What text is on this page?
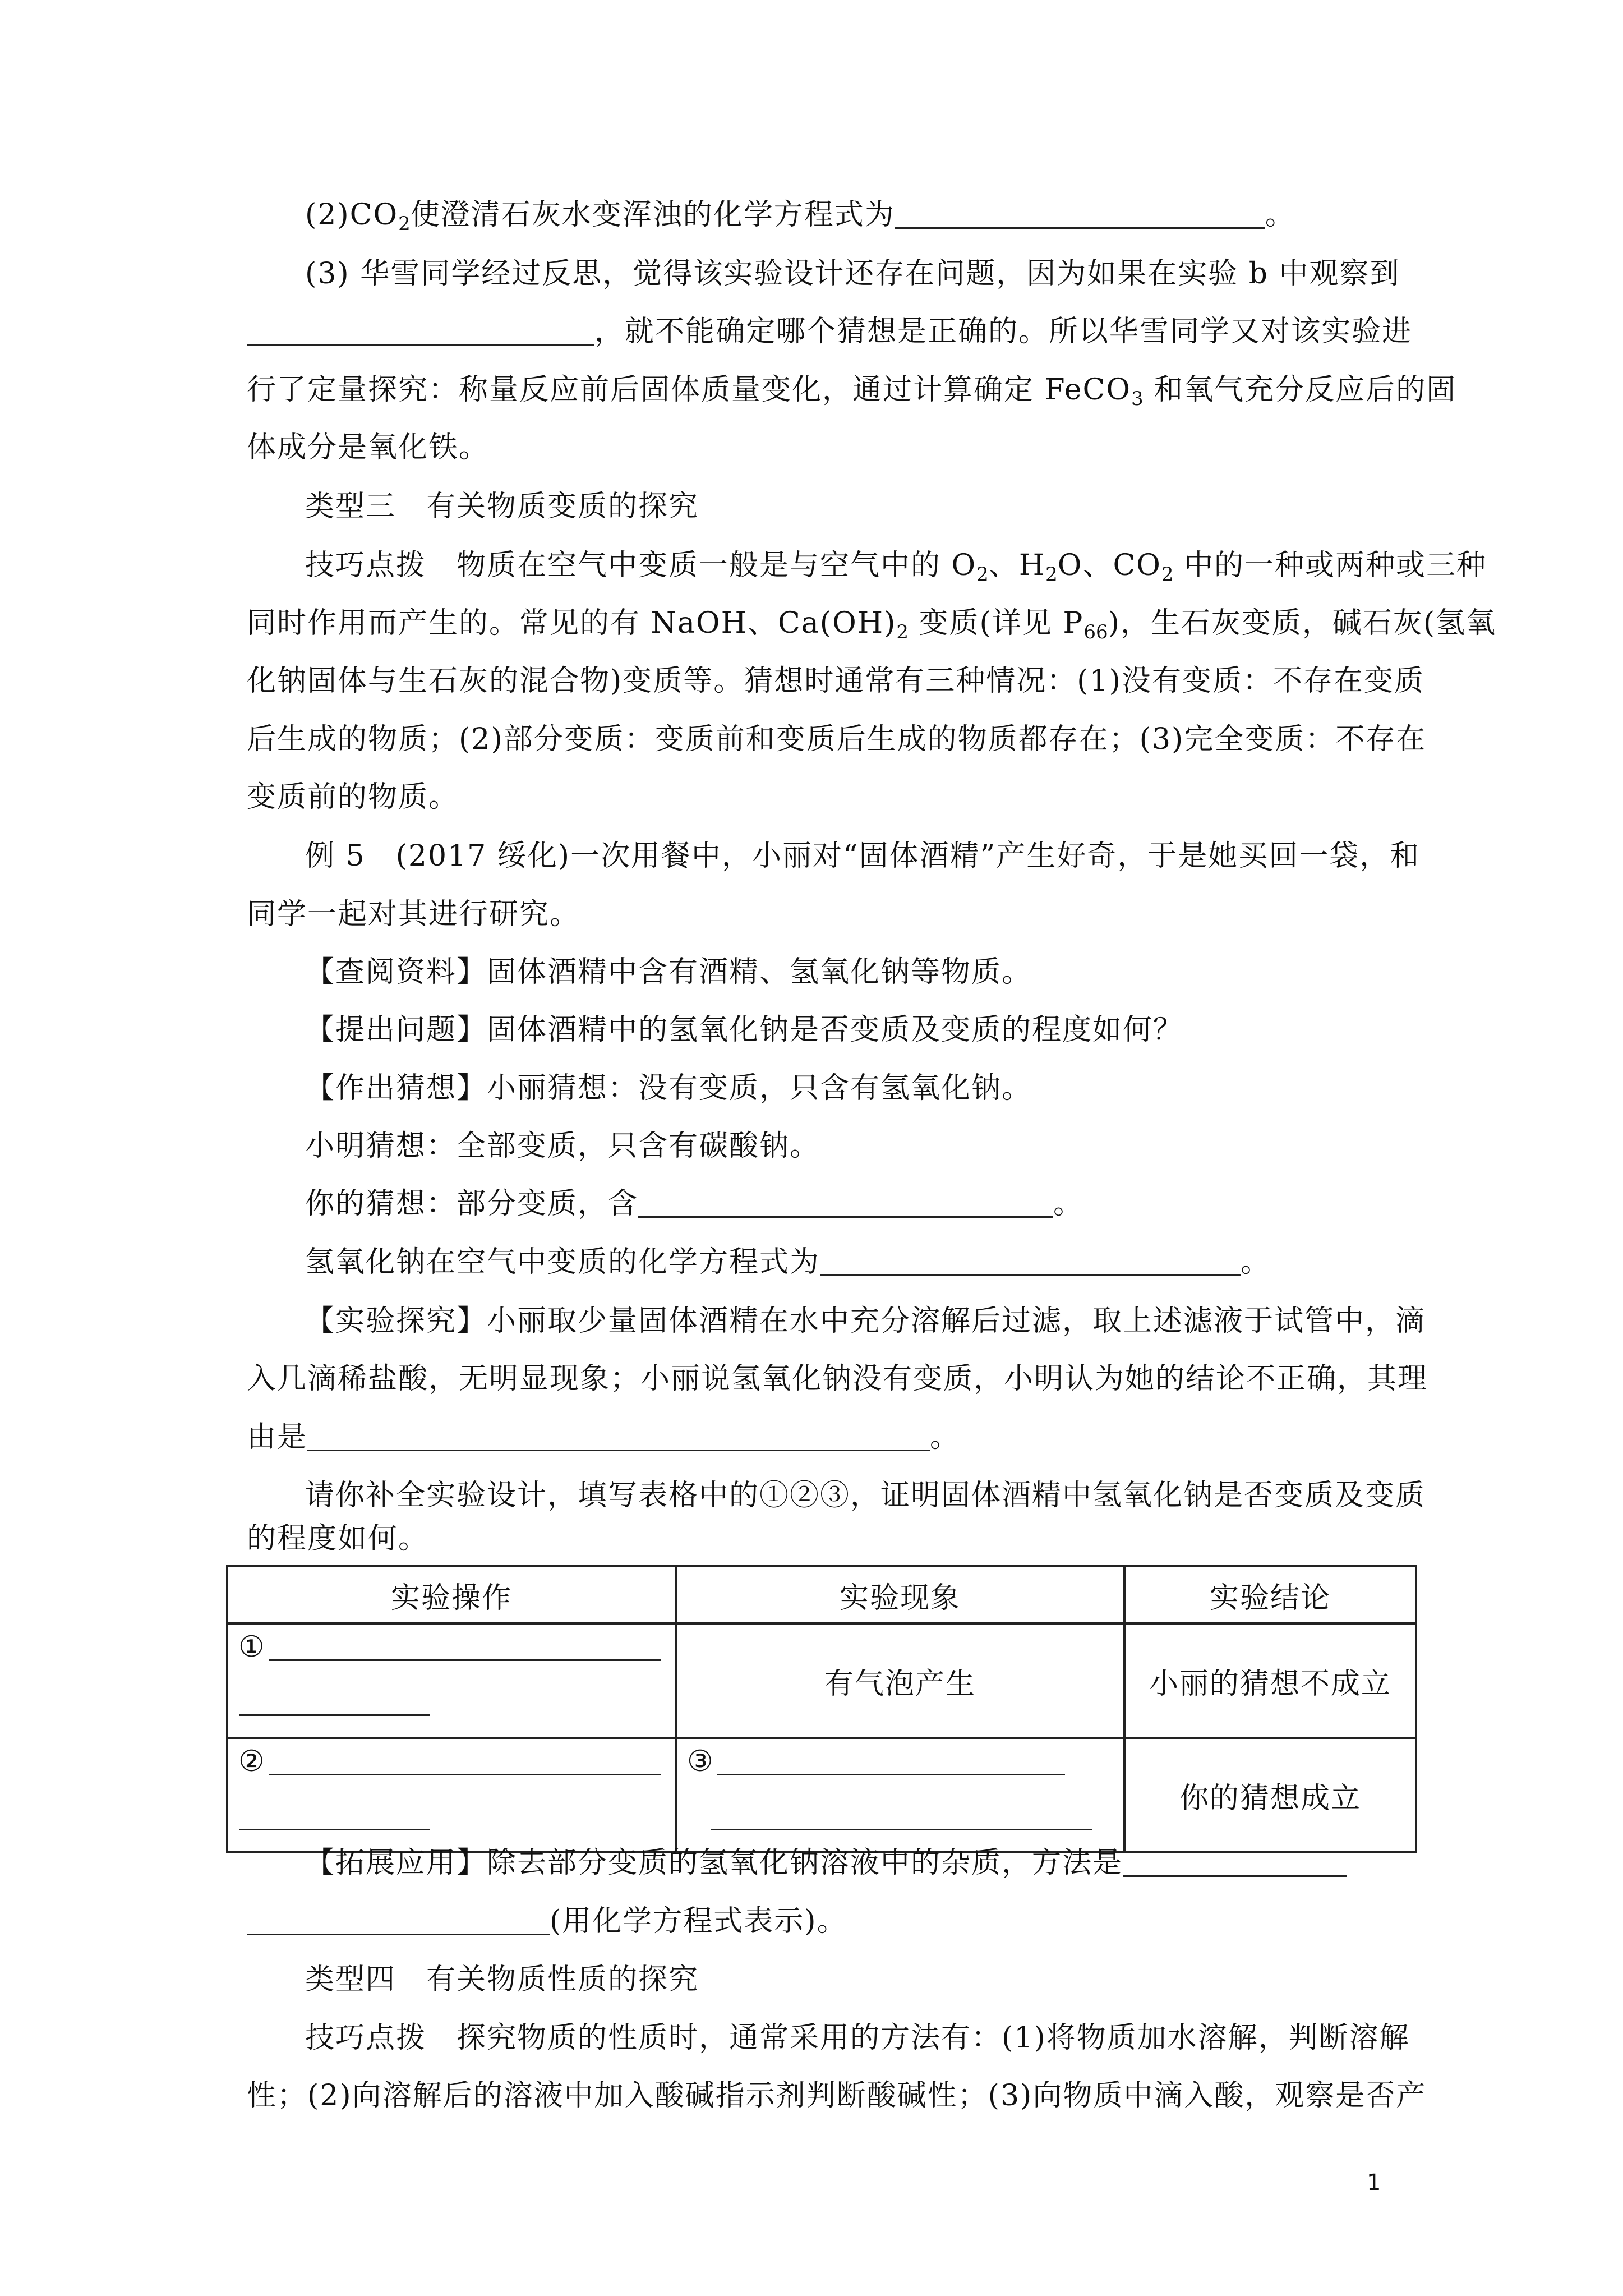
$(2)CO_2$使澄清石灰水变浑浊的化学方程式为	。
(3) 华雪同学经过反思，觉得该实验设计还存在问题，因为如果在实验 b 中观察到
，就不能确定哪个猜想是正确的。所以华雪同学又对该实验进
行了定量探究：称量反应前后固体质量变化，通过计算确定 FeCO$_3$ 和氧气充分反应后的固
体成分是氧化铁。
类型三　有关物质变质的探究
技巧点拨　物质在空气中变质一般是与空气中的 $O_2$、$H_2O$、$CO_2$ 中的一种或两种或三种
同时作用而产生的。常见的有 NaOH、$Ca(OH)_2$ 变质(详见 $P_{66}$)，生石灰变质，碱石灰(氢氧
化钠固体与生石灰的混合物)变质等。猜想时通常有三种情况：(1)没有变质：不存在变质
后生成的物质；(2)部分变质：变质前和变质后生成的物质都存在；(3)完全变质：不存在
变质前的物质。
例 5　(2017 绥化)一次用餐中，小丽对“固体酒精”产生好奇，于是她买回一袋，和
同学一起对其进行研究。
【查阅资料】固体酒精中含有酒精、氢氧化钠等物质。
【提出问题】固体酒精中的氢氧化钠是否变质及变质的程度如何？
【作出猜想】小丽猜想：没有变质，只含有氢氧化钠。
小明猜想：全部变质，只含有碳酸钠。
你的猜想：部分变质，含	。
氢氧化钠在空气中变质的化学方程式为	。
【实验探究】小丽取少量固体酒精在水中充分溶解后过滤，取上述滤液于试管中，滴
入几滴稀盐酸，无明显现象；小丽说氢氧化钠没有变质，小明认为她的结论不正确，其理
由是	。
请你补全实验设计，填写表格中的①②③，证明固体酒精中氢氧化钠是否变质及变质
实验操作	实验现象	实验结论

①	有气泡产生	小丽的猜想不成立

②	③	你的猜想成立
【拓展应用】除去部分变质的氢氧化钠溶液中的杂质，方法是
(用化学方程式表示)。
类型四　有关物质性质的探究
技巧点拨　探究物质的性质时，通常采用的方法有：(1)将物质加水溶解，判断溶解
性；(2)向溶解后的溶液中加入酸碱指示剂判断酸碱性；(3)向物质中滴入酸，观察是否产
1
的程度如何。
